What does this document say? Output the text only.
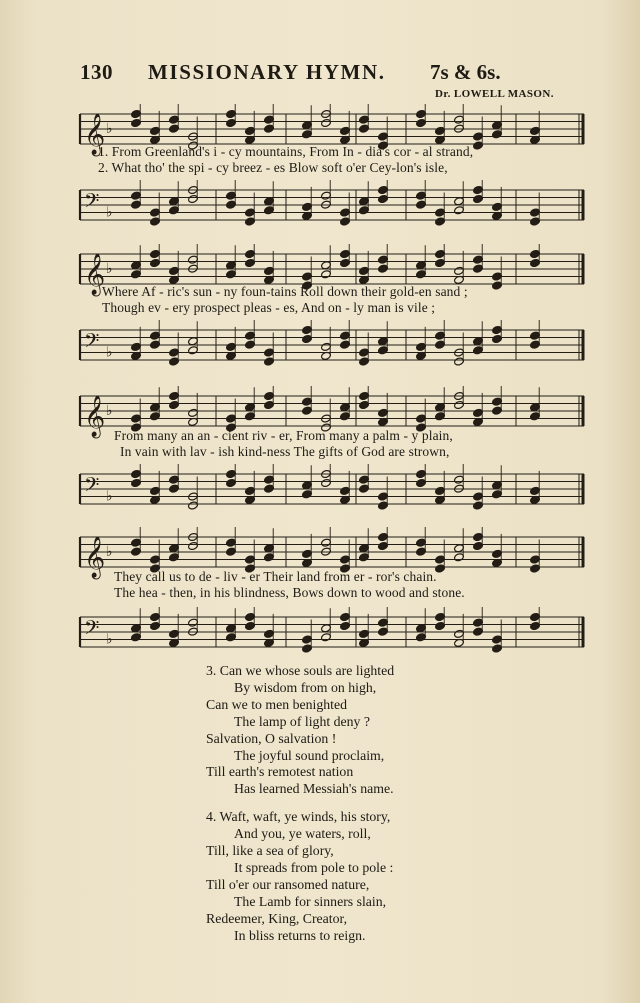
130 MISSIONARY HYMN. 7s & 6s.
Dr. LOWELL MASON.
𝄞 ♭
1. From Greenland's i - cy mountains, From In - dia's cor - al strand,
2. What tho' the spi - cy breez - es Blow soft o'er Cey-lon's isle,
𝄢 ♭
𝄞 ♭
Where Af - ric's sun - ny foun-tains Roll down their gold-en sand ;
Though ev - ery prospect pleas - es, And on - ly man is vile ;
𝄢 ♭
𝄞 ♭
From many an an - cient riv - er, From many a palm - y plain,
In vain with lav - ish kind-ness The gifts of God are strown,
𝄢 ♭
𝄞 ♭
They call us to de - liv - er Their land from er - ror's chain.
The hea - then, in his blindness, Bows down to wood and stone.
𝄢 ♭
3. Can we whose souls are lighted
By wisdom from on high,
Can we to men benighted
The lamp of light deny ?
Salvation, O salvation !
The joyful sound proclaim,
Till earth's remotest nation
Has learned Messiah's name.
4. Waft, waft, ye winds, his story,
And you, ye waters, roll,
Till, like a sea of glory,
It spreads from pole to pole :
Till o'er our ransomed nature,
The Lamb for sinners slain,
Redeemer, King, Creator,
In bliss returns to reign.
